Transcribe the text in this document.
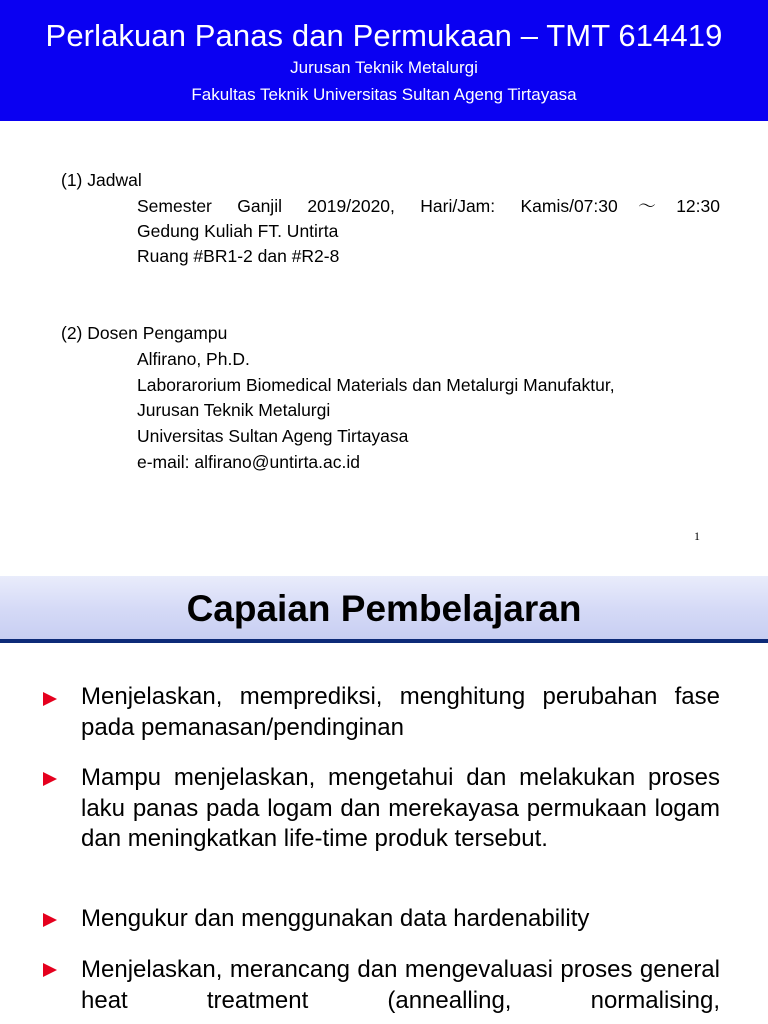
Perlakuan Panas dan Permukaan – TMT 614419
Jurusan Teknik Metalurgi
Fakultas Teknik Universitas Sultan Ageng Tirtayasa
(1) Jadwal
Semester Ganjil 2019/2020, Hari/Jam: Kamis/07:30～12:30
Gedung Kuliah FT. Untirta
Ruang #BR1-2 dan #R2-8
(2) Dosen Pengampu
Alfirano, Ph.D.
Laborarorium Biomedical Materials dan Metalurgi Manufaktur,
Jurusan Teknik Metalurgi
Universitas Sultan Ageng Tirtayasa
e-mail: alfirano@untirta.ac.id
1
Capaian Pembelajaran
Menjelaskan, memprediksi, menghitung perubahan fase pada pemanasan/pendinginan
Mampu menjelaskan, mengetahui dan melakukan proses laku panas pada logam dan merekayasa permukaan logam dan meningkatkan life-time produk tersebut.
Mengukur dan menggunakan data hardenability
Menjelaskan, merancang dan mengevaluasi proses general heat treatment (annealling, normalising,
